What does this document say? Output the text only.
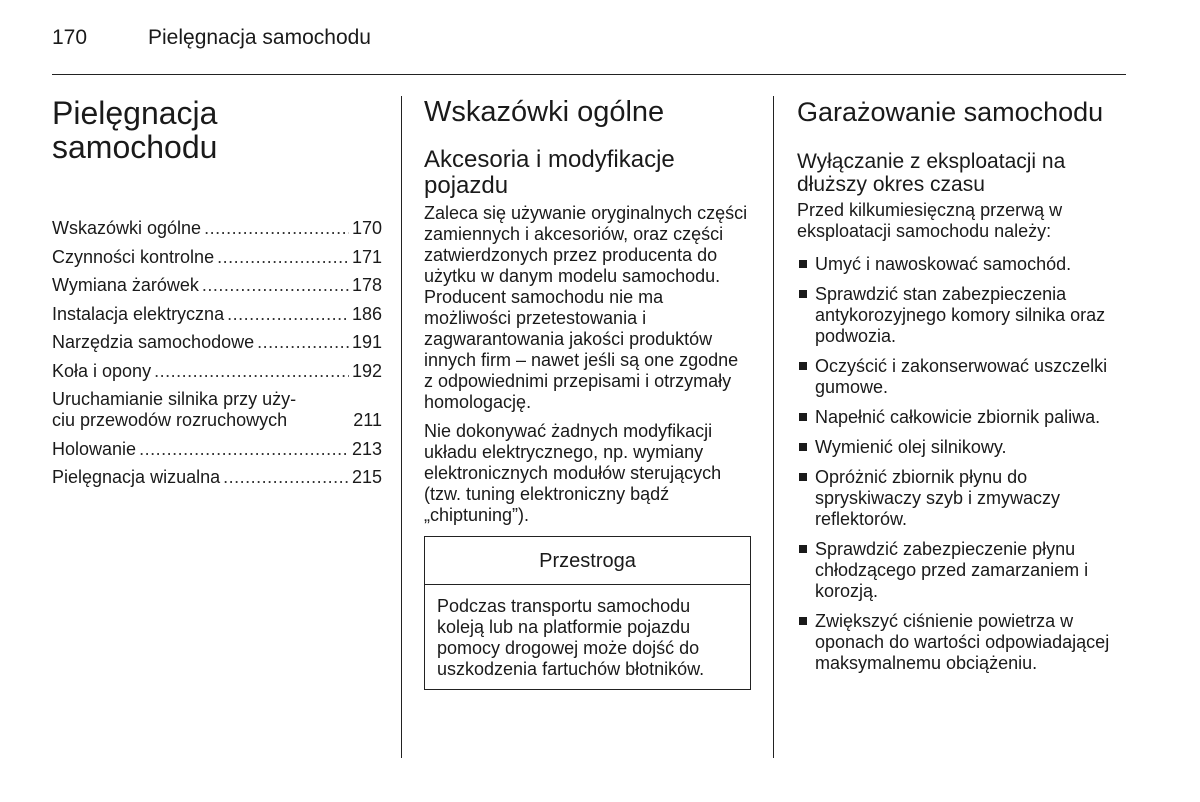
170	Pielęgnacja samochodu
Pielęgnacja
samochodu
Wskazówki ogólne .....	170
Czynności kontrolne .....	171
Wymiana żarówek .....	178
Instalacja elektryczna .....	186
Narzędzia samochodowe .....	191
Koła i opony .....	192
Uruchamianie silnika przy uży-
ciu przewodów rozruchowych	211
Holowanie .....	213
Pielęgnacja wizualna .....	215
Wskazówki ogólne
Akcesoria i modyfikacje
pojazdu

Zaleca się używanie oryginalnych części zamiennych i akcesoriów, oraz części zatwierdzonych przez producenta do użytku w danym modelu samochodu. Producent samochodu nie ma możliwości przetestowania i zagwarantowania jakości produktów innych firm – nawet jeśli są one zgodne z odpowiednimi przepisami i otrzymały homologację.

Nie dokonywać żadnych modyfikacji układu elektrycznego, np. wymiany elektronicznych modułów sterujących (tzw. tuning elektroniczny bądź „chiptuning”).

Przestroga
Podczas transportu samochodu koleją lub na platformie pojazdu pomocy drogowej może dojść do uszkodzenia fartuchów błotników.
Garażowanie samochodu
Wyłączanie z eksploatacji na
dłuższy okres czasu

Przed kilkumiesięczną przerwą w eksploatacji samochodu należy:

Umyć i nawoskować samochód.
Sprawdzić stan zabezpieczenia antykorozyjnego komory silnika oraz podwozia.
Oczyścić i zakonserwować uszczelki gumowe.
Napełnić całkowicie zbiornik paliwa.
Wymienić olej silnikowy.
Opróżnić zbiornik płynu do spryskiwaczy szyb i zmywaczy reflektorów.
Sprawdzić zabezpieczenie płynu chłodzącego przed zamarzaniem i korozją.
Zwiększyć ciśnienie powietrza w oponach do wartości odpowiadającej maksymalnemu obciążeniu.
